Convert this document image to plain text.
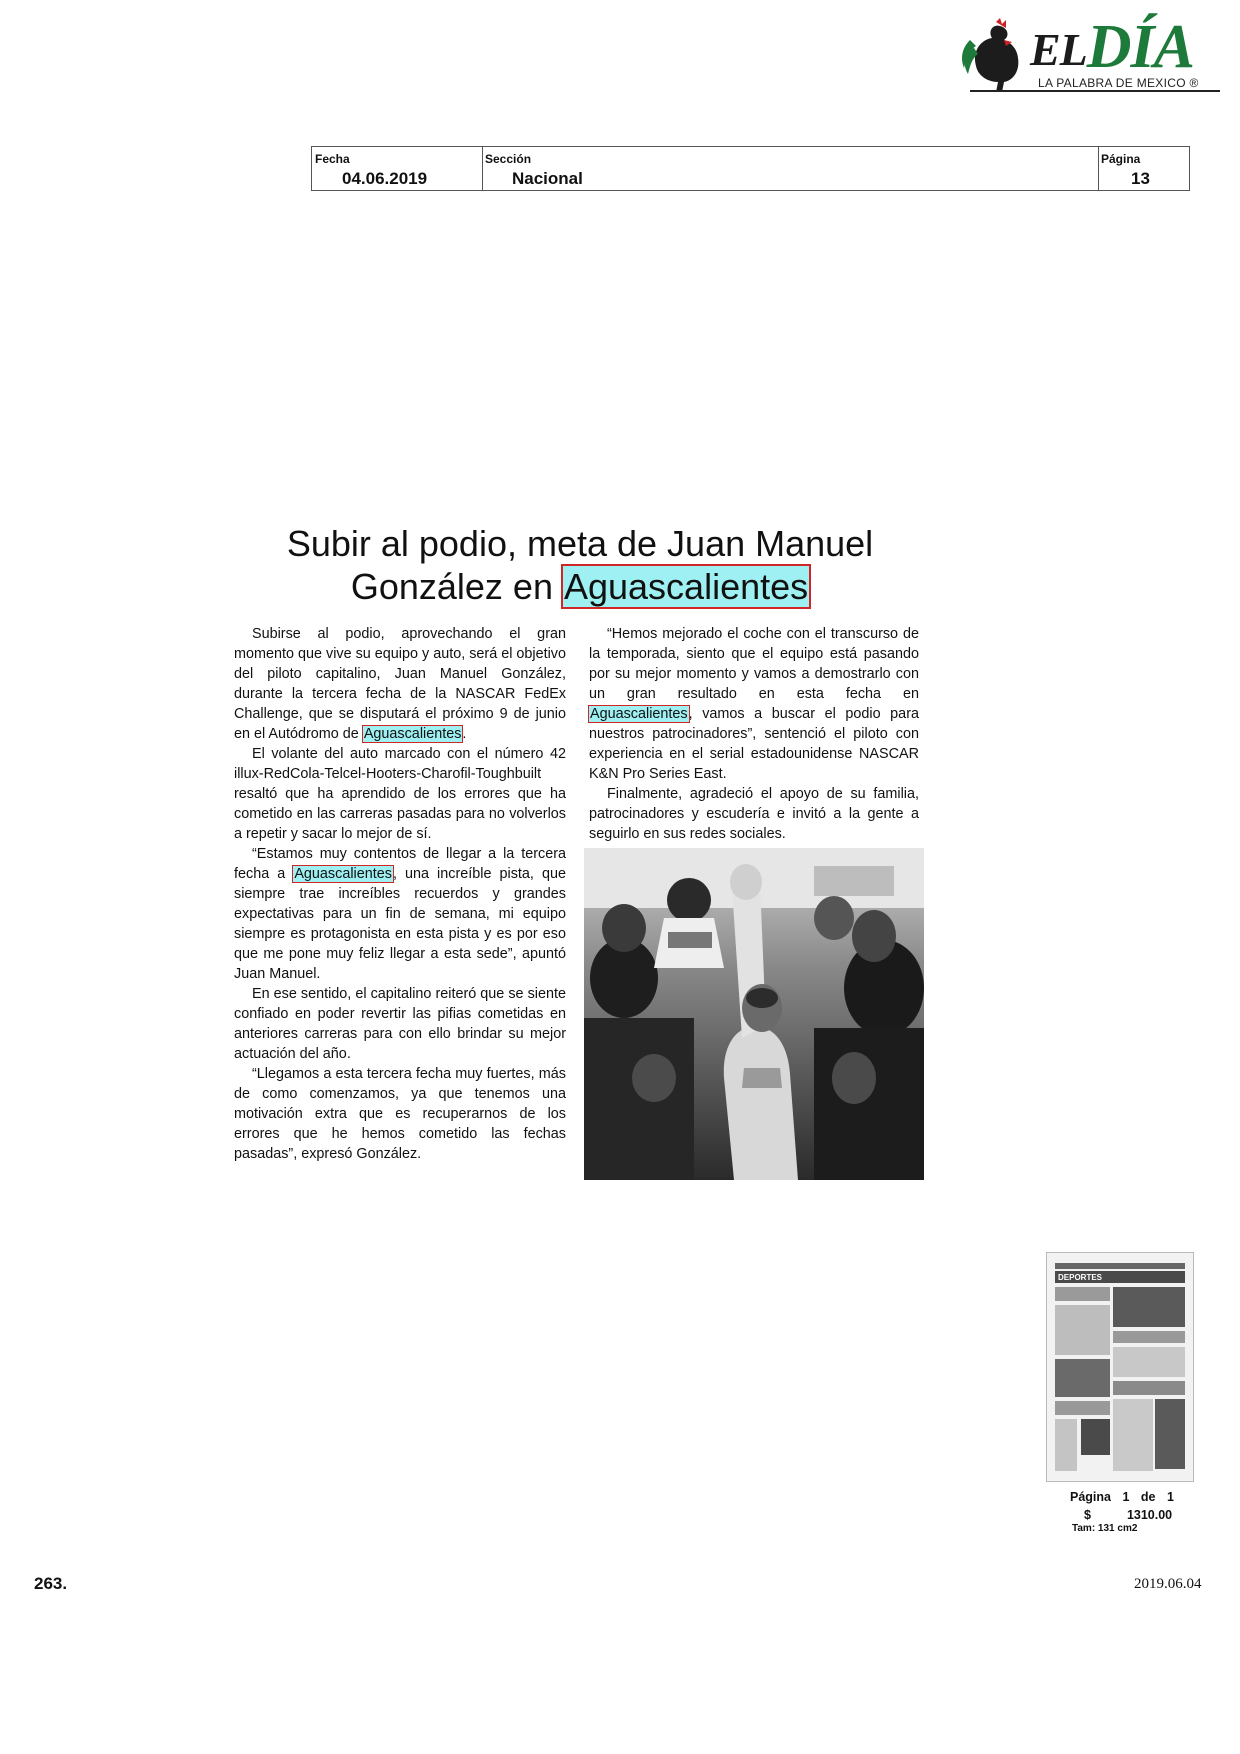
ELDÍA
LA PALABRA DE MEXICO ®
Fecha
04.06.2019
Sección
Nacional
Página
13
Subir al podio, meta de Juan Manuel
González en Aguascalientes

Subirse al podio, aprovechando el gran momento que vive su equipo y auto, será el objetivo del piloto capitalino, Juan Manuel González, durante la tercera fecha de la NASCAR FedEx Challenge, que se disputará el próximo 9 de junio en el Autódromo de Aguascalientes.

El volante del auto marcado con el número 42 illux-RedCola-Telcel-Hooters-Charofil-Toughbuilt resaltó que ha aprendido de los errores que ha cometido en las carreras pasadas para no volverlos a repetir y sacar lo mejor de sí.

“Estamos muy contentos de llegar a la tercera fecha a Aguascalientes, una increíble pista, que siempre trae increíbles recuerdos y grandes expectativas para un fin de semana, mi equipo siempre es protagonista en esta pista y es por eso que me pone muy feliz llegar a esta sede”, apuntó Juan Manuel.

En ese sentido, el capitalino reiteró que se siente confiado en poder revertir las pifias cometidas en anteriores carreras para con ello brindar su mejor actuación del año.

“Llegamos a esta tercera fecha muy fuertes, más de como comenzamos, ya que tenemos una motivación extra que es recuperarnos de los errores que he hemos cometido las fechas pasadas”, expresó González.

“Hemos mejorado el coche con el transcurso de la temporada, siento que el equipo está pasando por su mejor momento y vamos a demostrarlo con un gran resultado en esta fecha en Aguascalientes, vamos a buscar el podio para nuestros patrocinadores”, sentenció el piloto con experiencia en el serial estadounidense NASCAR K&N Pro Series East.

Finalmente, agradeció el apoyo de su familia, patrocinadores y escudería e invitó a la gente a seguirlo en sus redes sociales.

DEPORTES
Página 1 de 1
$	1310.00
Tam: 131 cm2
263.	2019.06.04
